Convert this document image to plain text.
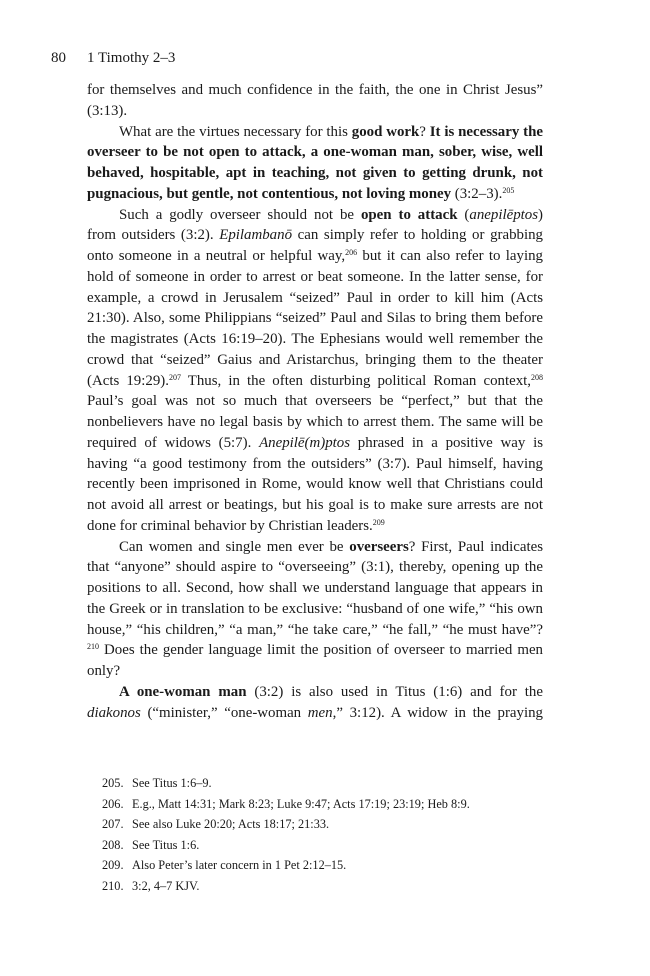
80 1 Timothy 2–3

for themselves and much confidence in the faith, the one in Christ Jesus” (3:13).

What are the virtues necessary for this good work? It is necessary the overseer to be not open to attack, a one-woman man, sober, wise, well behaved, hospitable, apt in teaching, not given to getting drunk, not pugnacious, but gentle, not contentious, not loving money (3:2–3).$^{205}$

Such a godly overseer should not be open to attack (anepilēptos) from outsiders (3:2). Epilambanō can simply refer to holding or grabbing onto someone in a neutral or helpful way,$^{206}$ but it can also refer to laying hold of someone in order to arrest or beat someone. In the latter sense, for example, a crowd in Jerusalem “seized” Paul in order to kill him (Acts 21:30). Also, some Philippians “seized” Paul and Silas to bring them before the magistrates (Acts 16:19–20). The Ephesians would well remember the crowd that “seized” Gaius and Aristarchus, bringing them to the theater (Acts 19:29).$^{207}$ Thus, in the often disturbing political Roman context,$^{208}$ Paul’s goal was not so much that overseers be “perfect,” but that the nonbelievers have no legal basis by which to arrest them. The same will be required of widows (5:7). Anepilē(m)ptos phrased in a positive way is having “a good testimony from the outsiders” (3:7). Paul himself, having recently been imprisoned in Rome, would know well that Christians could not avoid all arrest or beatings, but his goal is to make sure arrests are not done for criminal behavior by Christian leaders.$^{209}$

Can women and single men ever be overseers? First, Paul indicates that “anyone” should aspire to “overseeing” (3:1), thereby, opening up the positions to all. Second, how shall we understand language that appears in the Greek or in translation to be exclusive: “husband of one wife,” “his own house,” “his children,” “a man,” “he take care,” “he fall,” “he must have”?$^{210}$ Does the gender language limit the position of overseer to married men only?

A one-woman man (3:2) is also used in Titus (1:6) and for the diakonos (“minister,” “one-woman men,” 3:12). A widow in the praying

205. See Titus 1:6–9.
206. E.g., Matt 14:31; Mark 8:23; Luke 9:47; Acts 17:19; 23:19; Heb 8:9.
207. See also Luke 20:20; Acts 18:17; 21:33.
208. See Titus 1:6.
209. Also Peter’s later concern in 1 Pet 2:12–15.
210. 3:2, 4–7 KJV.
